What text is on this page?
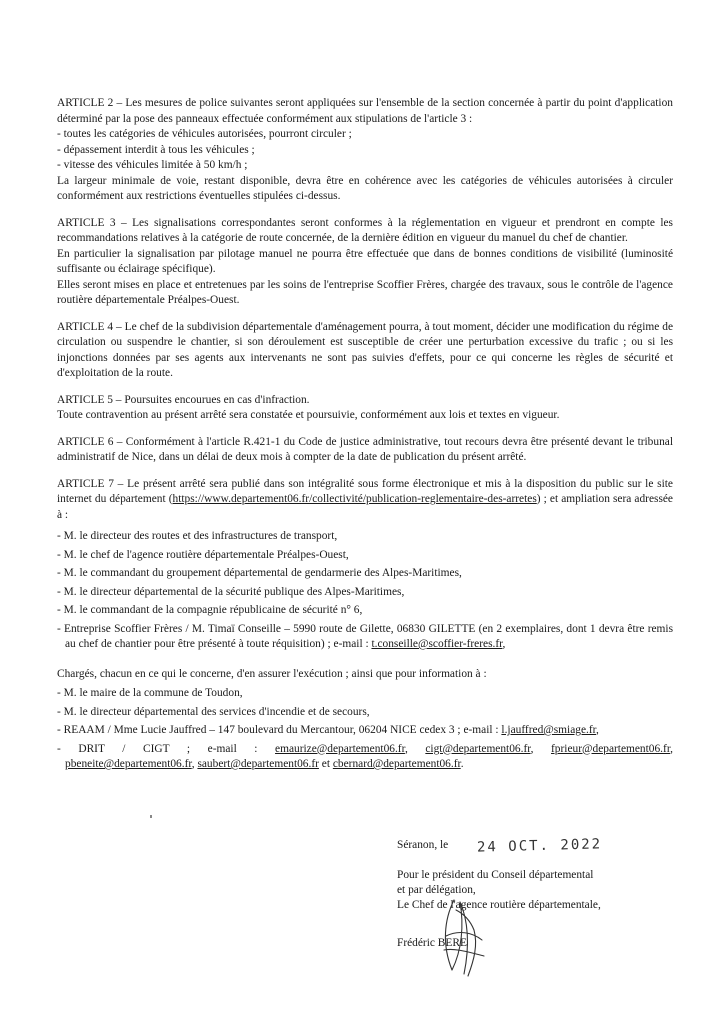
ARTICLE 2 – Les mesures de police suivantes seront appliquées sur l'ensemble de la section concernée à partir du point d'application déterminé par la pose des panneaux effectuée conformément aux stipulations de l'article 3 :
- toutes les catégories de véhicules autorisées, pourront circuler ;
- dépassement interdit à tous les véhicules ;
- vitesse des véhicules limitée à 50 km/h ;
La largeur minimale de voie, restant disponible, devra être en cohérence avec les catégories de véhicules autorisées à circuler conformément aux restrictions éventuelles stipulées ci-dessus.

ARTICLE 3 – Les signalisations correspondantes seront conformes à la réglementation en vigueur et prendront en compte les recommandations relatives à la catégorie de route concernée, de la dernière édition en vigueur du manuel du chef de chantier.
En particulier la signalisation par pilotage manuel ne pourra être effectuée que dans de bonnes conditions de visibilité (luminosité suffisante ou éclairage spécifique).
Elles seront mises en place et entretenues par les soins de l'entreprise Scoffier Frères, chargée des travaux, sous le contrôle de l'agence routière départementale Préalpes-Ouest.

ARTICLE 4 – Le chef de la subdivision départementale d'aménagement pourra, à tout moment, décider une modification du régime de circulation ou suspendre le chantier, si son déroulement est susceptible de créer une perturbation excessive du trafic ; ou si les injonctions données par ses agents aux intervenants ne sont pas suivies d'effets, pour ce qui concerne les règles de sécurité et d'exploitation de la route.

ARTICLE 5 – Poursuites encourues en cas d'infraction.
Toute contravention au présent arrêté sera constatée et poursuivie, conformément aux lois et textes en vigueur.

ARTICLE 6 – Conformément à l'article R.421-1 du Code de justice administrative, tout recours devra être présenté devant le tribunal administratif de Nice, dans un délai de deux mois à compter de la date de publication du présent arrêté.

ARTICLE 7 – Le présent arrêté sera publié dans son intégralité sous forme électronique et mis à la disposition du public sur le site internet du département (https://www.departement06.fr/collectivité/publication-reglementaire-des-arretes) ; et ampliation sera adressée à :

- M. le directeur des routes et des infrastructures de transport,
- M. le chef de l'agence routière départementale Préalpes-Ouest,
- M. le commandant du groupement départemental de gendarmerie des Alpes-Maritimes,
- M. le directeur départemental de la sécurité publique des Alpes-Maritimes,
- M. le commandant de la compagnie républicaine de sécurité n° 6,
- Entreprise Scoffier Frères / M. Timaï Conseille – 5990 route de Gilette, 06830 GILETTE (en 2 exemplaires, dont 1 devra être remis au chef de chantier pour être présenté à toute réquisition) ; e-mail : t.conseille@scoffier-freres.fr,

Chargés, chacun en ce qui le concerne, d'en assurer l'exécution ; ainsi que pour information à :

- M. le maire de la commune de Toudon,
- M. le directeur départemental des services d'incendie et de secours,
- REAAM / Mme Lucie Jauffred – 147 boulevard du Mercantour, 06204 NICE cedex 3 ; e-mail : l.jauffred@smiage.fr,
- DRIT / CIGT ; e-mail : emaurize@departement06.fr, cigt@departement06.fr, fprieur@departement06.fr, pbeneite@departement06.fr, saubert@departement06.fr et cbernard@departement06.fr.
Séranon, le
Pour le président du Conseil départemental
et par délégation,
Le Chef de l'agence routière départementale,
Frédéric BERE
24 OCT. 2022
